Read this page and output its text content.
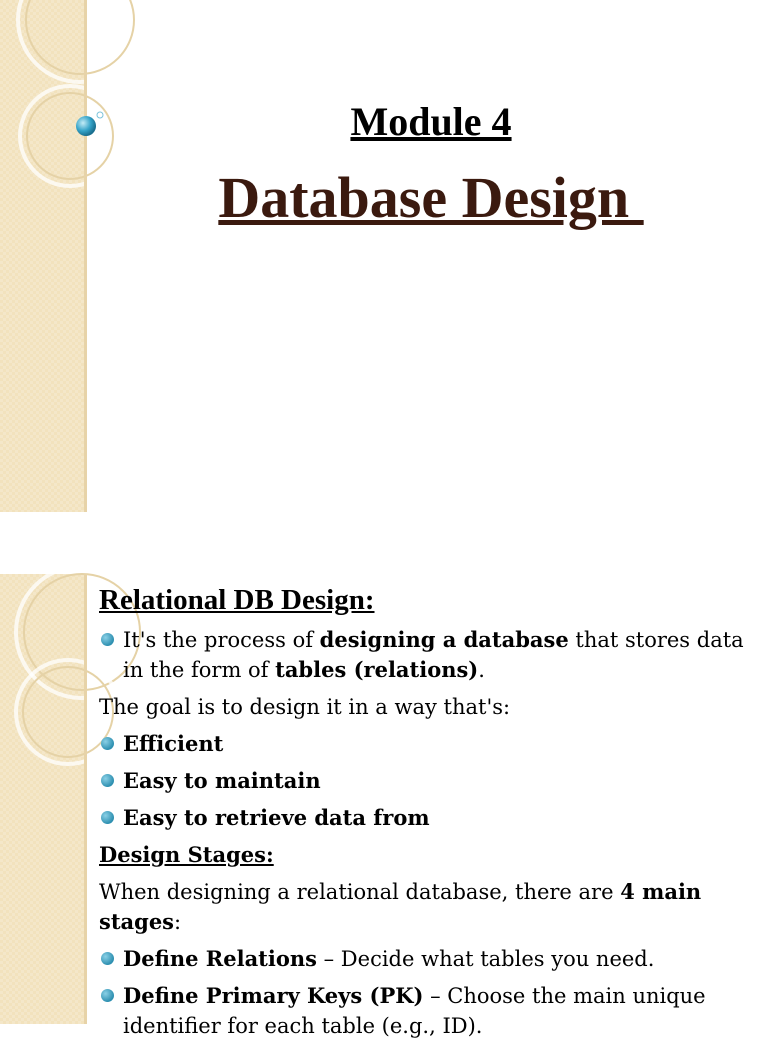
Module 4
Database Design
Relational DB Design:
It's the process of designing a database that stores data in the form of tables (relations).
The goal is to design it in a way that's:
Efficient
Easy to maintain
Easy to retrieve data from
Design Stages:
When designing a relational database, there are 4 main stages:
Define Relations – Decide what tables you need.
Define Primary Keys (PK) – Choose the main unique identifier for each table (e.g., ID).
